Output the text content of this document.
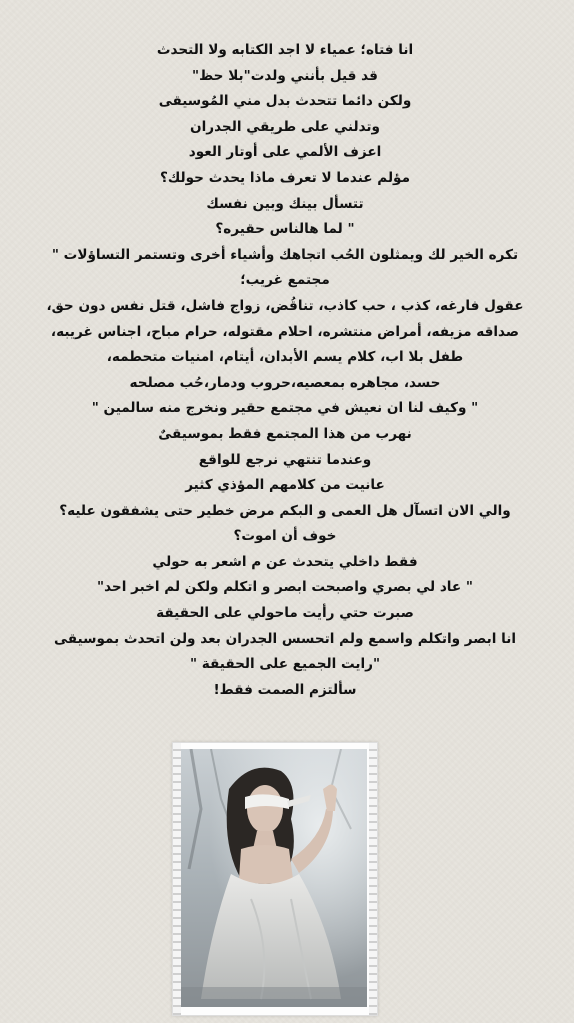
انا فتاه؛ عمياء لا اجد الكتابه ولا التحدث
قد قيل بأنني ولدت"بلا حظ"
ولكن دائما تتحدث بدل مني المُوسيقى
وتدلني على طريقي الجدران
اعزف الألمي على أوتار العود
مؤلم عندما لا تعرف ماذا يحدث حولك؟
تتسأل بينك وبين نفسك
" لما هالناس حقيره؟
تكره الخير لك ويمثلون الحُب اتجاهك وأشياء أخرى وتستمر التساؤلات "
مجتمع غريب؛
عقول فارغه، كذب ، حب كاذب، تناقُض، زواج فاشل، قتل نفس دون حق،
صداقه مزيفه، أمراض منتشره، احلام مقتوله، حرام مباح، اجناس غريبه،
طفل بلا اب، كلام يسم الأبدان، أيتام، امنيات متحطمه،
حسد، مجاهره بمعصيه،حروب ودمار،حُب مصلحه
" وكيف لنا ان نعيش في مجتمع حقير ونخرج منه سالمين "
نهرب من هذا المجتمع فقط بموسيقىٌ
وعندما تنتهي نرجع للواقع
عانيت من كلامهم المؤذي كثير
والي الان اتسآل هل العمى و البكم مرض خطير حتى يشفقون عليه؟
خوف أن اموت؟
فقط داخلي يتحدث عن م اشعر به حولي
" عاد لي بصري واصبحت ابصر و اتكلم ولكن لم اخبر احد"
صبرت حتي رأيت ماحولي على الحقيقة
انا ابصر واتكلم واسمع ولم اتحسس الجدران بعد ولن اتحدث بموسيقى
"رايت الجميع على الحقيقة "
سألتزم الصمت فقط!
